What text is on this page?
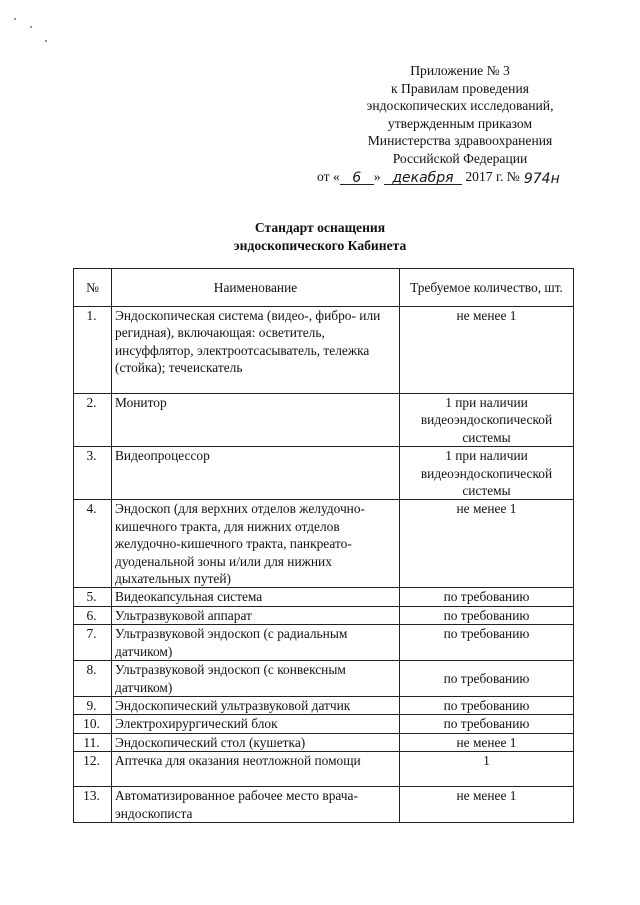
Приложение № 3
к Правилам проведения
эндоскопических исследований,
утвержденным приказом
Министерства здравоохранения
Российской Федерации
от « 6 » декабря 2017 г. № 974н
Стандарт оснащения
эндоскопического Кабинета
№	Наименование	Требуемое количество, шт.
1.	Эндоскопическая система (видео-, фибро- или регидная), включающая: осветитель, инсуффлятор, электроотсасыватель, тележка (стойка); течеискатель	не менее 1
2.	Монитор	1 при наличии видеоэндоскопической системы
3.	Видеопроцессор	1 при наличии видеоэндоскопической системы
4.	Эндоскоп (для верхних отделов желудочно-кишечного тракта, для нижних отделов желудочно-кишечного тракта, панкреато-дуоденальной зоны и/или для нижних дыхательных путей)	не менее 1
5.	Видеокапсульная система	по требованию
6.	Ультразвуковой аппарат	по требованию
7.	Ультразвуковой эндоскоп (с радиальным датчиком)	по требованию
8.	Ультразвуковой эндоскоп (с конвексным датчиком)	по требованию
9.	Эндоскопический ультразвуковой датчик	по требованию
10.	Электрохирургический блок	по требованию
11.	Эндоскопический стол (кушетка)	не менее 1
12.	Аптечка для оказания неотложной помощи	1
13.	Автоматизированное рабочее место врача-эндоскописта	не менее 1
